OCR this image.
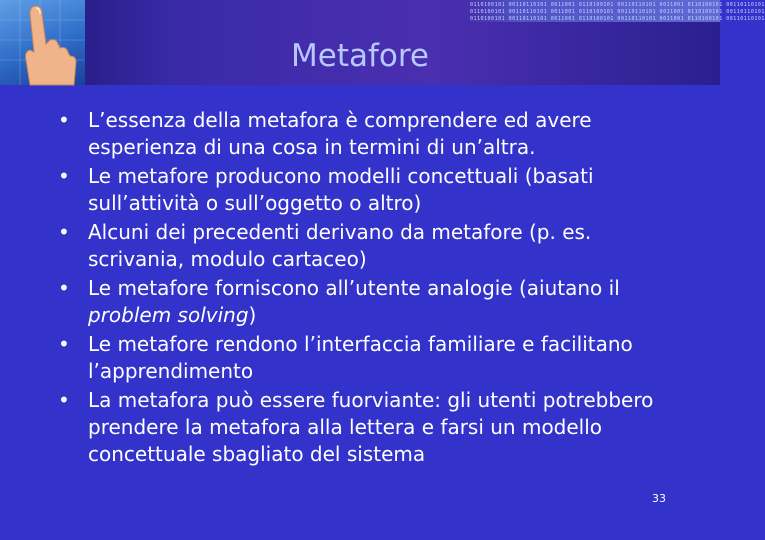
0110100101 00110110101 0011001 0110100101 00110110101 0011001 0110100101 00110110101
0110100101 00110110101 0011001 0110100101 00110110101 0011001 0110100101 00110110101
0110100101 00110110101 0011001 0110100101 00110110101 0011001 0110100101 00110110101
Metafore
• L’essenza della metafora è comprendere ed avere esperienza di una cosa in termini di un’altra.
• Le metafore producono modelli concettuali (basati sull’attività o sull’oggetto o altro)
• Alcuni dei precedenti derivano da metafore (p. es. scrivania, modulo cartaceo)
• Le metafore forniscono all’utente analogie (aiutano il problem solving)
• Le metafore rendono l’interfaccia familiare e facilitano l’apprendimento
• La metafora può essere fuorviante: gli utenti potrebbero prendere la metafora alla lettera e farsi un modello concettuale sbagliato del sistema
33
